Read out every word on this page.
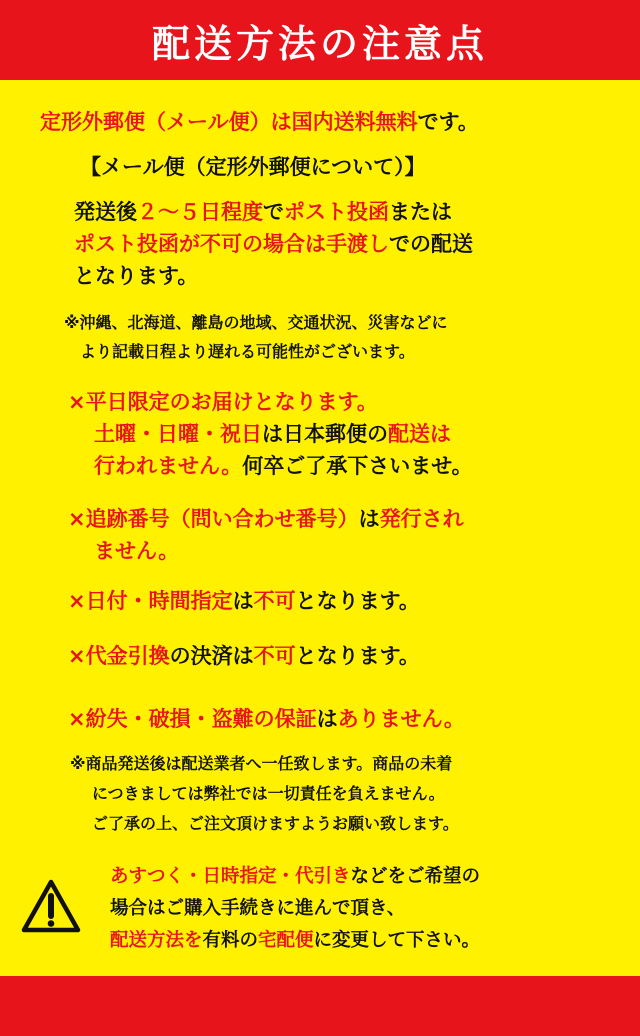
配送方法の注意点
定形外郵便（メール便）は国内送料無料です。
【メール便（定形外郵便について）】
発送後２〜５日程度でポスト投函または
ポスト投函が不可の場合は手渡しでの配送
となります。
※沖縄、北海道、離島の地域、交通状況、災害などに
より記載日程より遅れる可能性がございます。
×平日限定のお届けとなります。
土曜・日曜・祝日は日本郵便の配送は
行われません。何卒ご了承下さいませ。
×追跡番号（問い合わせ番号）は発行され
ません。
×日付・時間指定は不可となります。
×代金引換の決済は不可となります。
×紛失・破損・盗難の保証はありません。
※商品発送後は配送業者へ一任致します。商品の未着
につきましては弊社では一切責任を負えません。
ご了承の上、ご注文頂けますようお願い致します。
あすつく・日時指定・代引きなどをご希望の
場合はご購入手続きに進んで頂き、
配送方法を有料の宅配便に変更して下さい。
